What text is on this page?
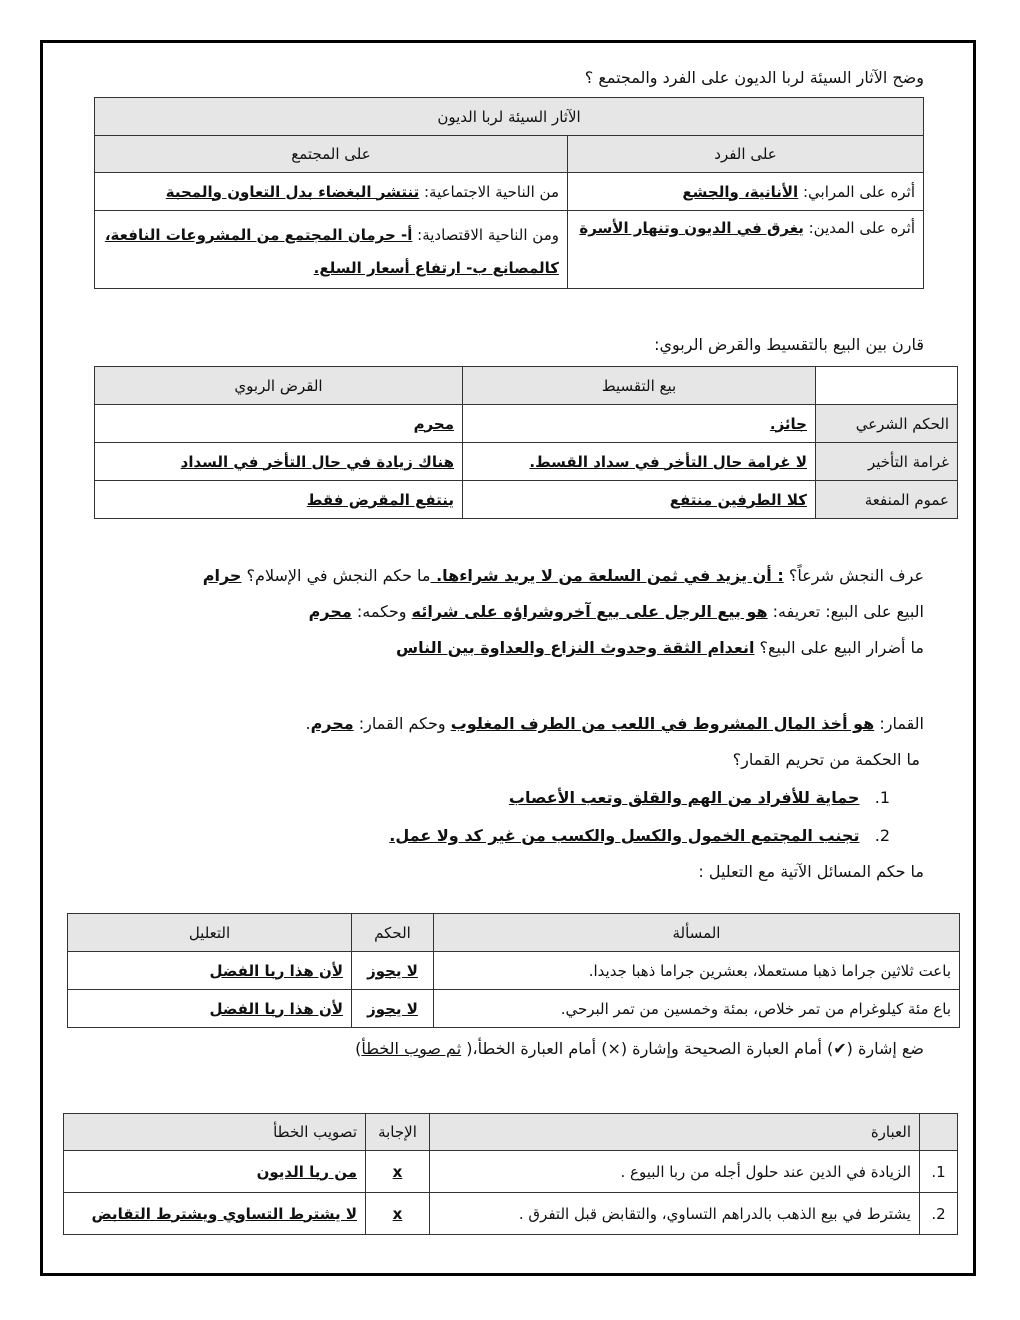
وضح الآثار السيئة لربا الديون على الفرد والمجتمع ؟
الآثار السيئة لربا الديون	
على الفرد	على المجتمع
أثره على المرابي: الأنانية، والجشع	من الناحية الاجتماعية: تنتشر البغضاء بدل التعاون والمحبة
أثره على المدين: يغرق في الديون وتنهار الأسرة	ومن الناحية الاقتصادية: أ- حرمان المجتمع من المشروعات النافعة، كالمصانع ب- ارتفاع أسعار السلع.
قارن بين البيع بالتقسيط والقرض الربوي:
	بيع التقسيط	القرض الربوي
الحكم الشرعي	جائز.	محرم
غرامة التأخير	لا غرامة حال التأخر في سداد القسط.	هناك زيادة في حال التأخر في السداد
عموم المنفعة	كلا الطرفين منتفع	ينتفع المقرض فقط
عرف النجش شرعاً؟ : أن يزيد في ثمن السلعة من لا يريد شراءها. ما حكم النجش في الإسلام؟ حرام
البيع على البيع: تعريفه: هو بيع الرجل على بيع آخروشراؤه على شرائه وحكمه: محرم
ما أضرار البيع على البيع؟ انعدام الثقة وحدوث النزاع والعداوة بين الناس
القمار: هو أخذ المال المشروط في اللعب من الطرف المغلوب وحكم القمار: محرم.
ما الحكمة من تحريم القمار؟
1.   حماية للأفراد من الهم والقلق وتعب الأعصاب
2.   تجنب المجتمع الخمول والكسل والكسب من غير كد ولا عمل.
ما حكم المسائل الآتية مع التعليل :
المسألة	الحكم	التعليل
باعت ثلاثين جراما ذهبا مستعملا، بعشرين جراما ذهبا جديدا.	لا يجوز	لأن هذا ربا الفضل
باع مئة كيلوغرام من تمر خلاص، بمئة وخمسين من تمر البرحي.	لا يجوز	لأن هذا ربا الفضل
ضع إشارة (✔) أمام العبارة الصحيحة وإشارة (×) أمام العبارة الخطأ،( ثم صوب الخطأ)
	العبارة	الإجابة	تصويب الخطأ
1.	الزيادة في الدين عند حلول أجله من ربا البيوع .	x	من ربا الديون
2.	يشترط في بيع الذهب بالدراهم التساوي، والتقابض قبل التفرق .	x	لا يشترط التساوي ويشترط التقابض
